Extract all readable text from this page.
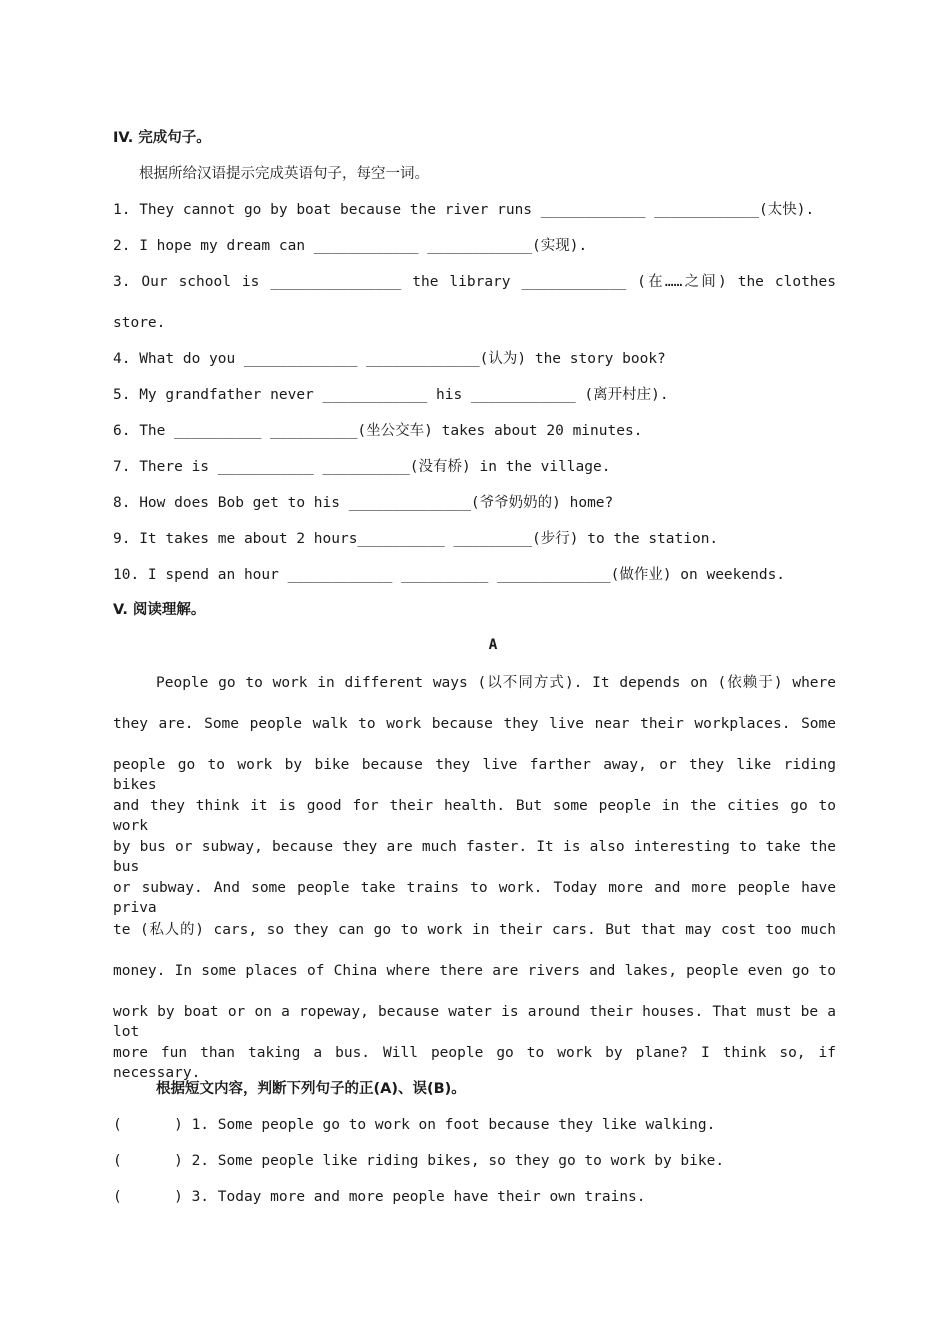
IV. 完成句子。
根据所给汉语提示完成英语句子，每空一词。
1. They cannot go by boat because the river runs ____________ ____________(太快).
2. I hope my dream can ____________ ____________(实现).
3. Our school is _______________ the library ____________ (在……之间) the clothes
store.
4. What do you _____________ _____________(认为) the story book?
5. My grandfather never ____________ his ____________ (离开村庄).
6. The __________ __________(坐公交车) takes about 20 minutes.
7. There is ___________ __________(没有桥) in the village.
8. How does Bob get to his ______________(爷爷奶奶的) home?
9. It takes me about 2 hours__________ _________(步行) to the station.
10. I spend an hour ____________ __________ _____________(做作业) on weekends.
V. 阅读理解。
A
People go to work in different ways (以不同方式). It depends on (依赖于) where
they are. Some people walk to work because they live near their workplaces. Some
people go to work by bike because they live farther away, or they like riding bikes
and they think it is good for their health. But some people in the cities go to work
by bus or subway, because they are much faster. It is also interesting to take the bus
or subway. And some people take trains to work. Today more and more people have priva
te (私人的) cars, so they can go to work in their cars. But that may cost too much
money. In some places of China where there are rivers and lakes, people even go to
work by boat or on a ropeway, because water is around their houses. That must be a lot
more fun than taking a bus. Will people go to work by plane? I think so, if necessary.
根据短文内容，判断下列句子的正(A)、误(B)。
(      ) 1. Some people go to work on foot because they like walking.
(      ) 2. Some people like riding bikes, so they go to work by bike.
(      ) 3. Today more and more people have their own trains.
